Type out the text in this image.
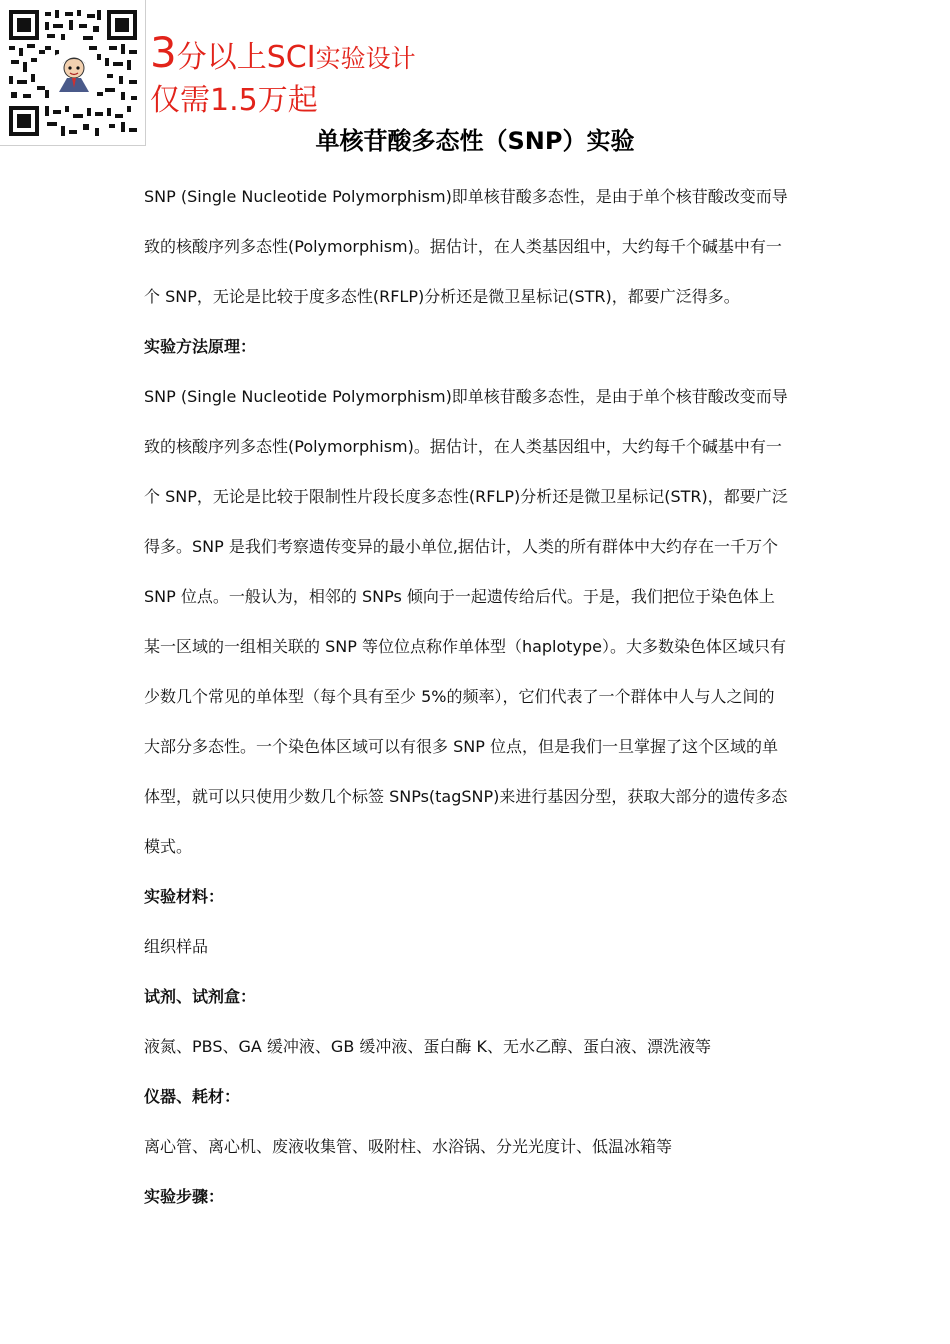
3分以上SCI实验设计
仅需1.5万起
单核苷酸多态性（SNP）实验

SNP (Single Nucleotide Polymorphism)即单核苷酸多态性，是由于单个核苷酸改变而导

致的核酸序列多态性(Polymorphism)。据估计，在人类基因组中，大约每千个碱基中有一

个 SNP，无论是比较于度多态性(RFLP)分析还是微卫星标记(STR)，都要广泛得多。

实验方法原理：

SNP (Single Nucleotide Polymorphism)即单核苷酸多态性，是由于单个核苷酸改变而导

致的核酸序列多态性(Polymorphism)。据估计，在人类基因组中，大约每千个碱基中有一

个 SNP，无论是比较于限制性片段长度多态性(RFLP)分析还是微卫星标记(STR)，都要广泛

得多。SNP 是我们考察遗传变异的最小单位,据估计，人类的所有群体中大约存在一千万个

SNP 位点。一般认为，相邻的 SNPs 倾向于一起遗传给后代。于是，我们把位于染色体上

某一区域的一组相关联的 SNP 等位位点称作单体型（haplotype）。大多数染色体区域只有

少数几个常见的单体型（每个具有至少 5%的频率），它们代表了一个群体中人与人之间的

大部分多态性。一个染色体区域可以有很多 SNP 位点，但是我们一旦掌握了这个区域的单

体型，就可以只使用少数几个标签 SNPs(tagSNP)来进行基因分型，获取大部分的遗传多态

模式。

实验材料：

组织样品

试剂、试剂盒：

液氮、PBS、GA 缓冲液、GB 缓冲液、蛋白酶 K、无水乙醇、蛋白液、漂洗液等

仪器、耗材：

离心管、离心机、废液收集管、吸附柱、水浴锅、分光光度计、低温冰箱等

实验步骤：
